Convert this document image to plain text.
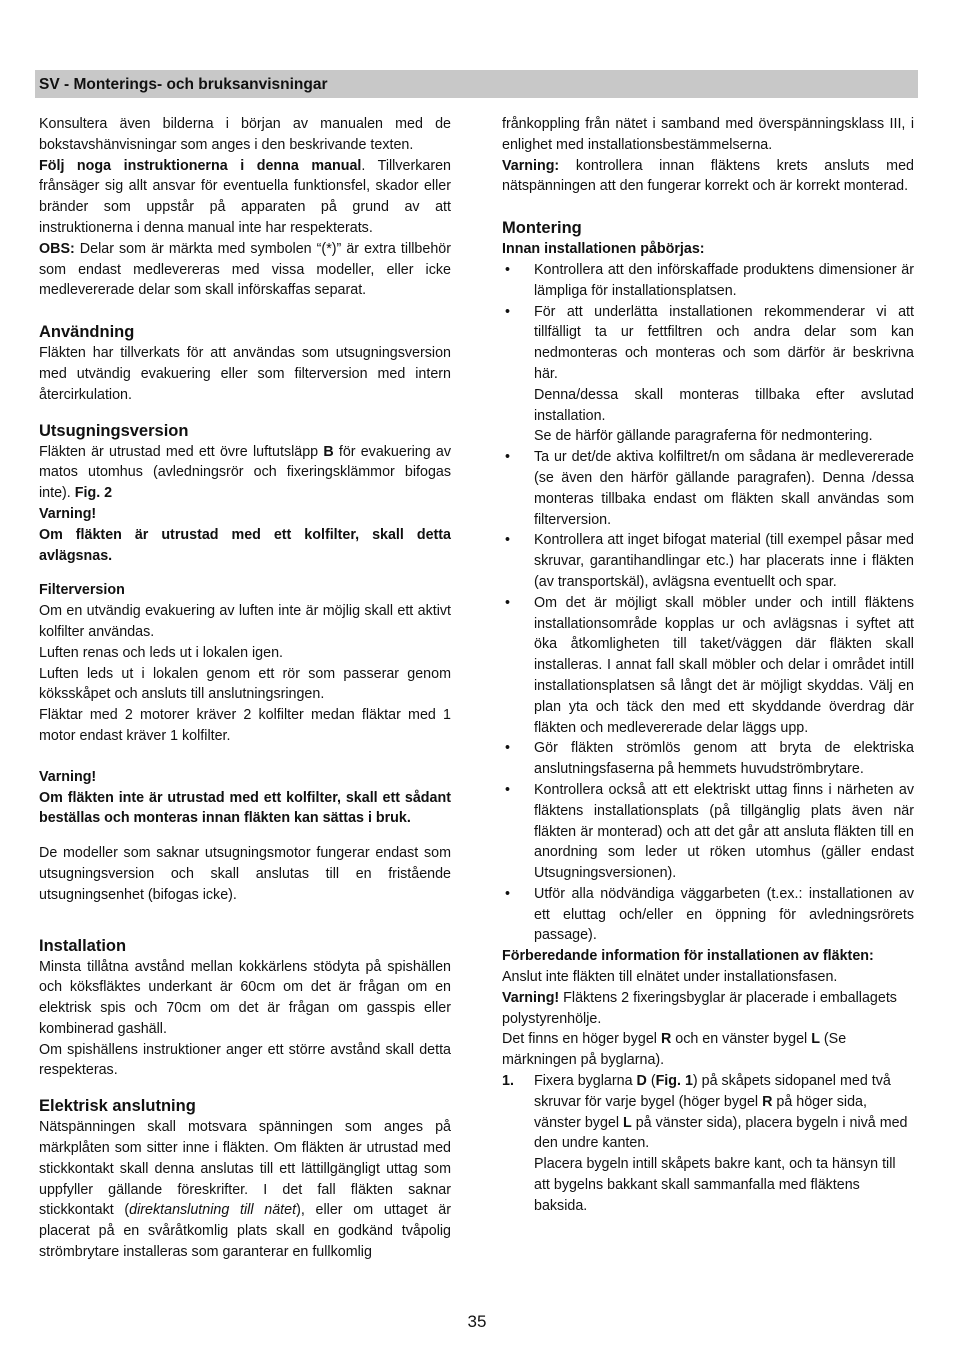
SV - Monterings- och bruksanvisningar

Konsultera även bilderna i början av manualen med de bokstavshänvisningar som anges i den beskrivande texten.

Följ noga instruktionerna i denna manual. Tillverkaren frånsäger sig allt ansvar för eventuella funktionsfel, skador eller bränder som uppstår på apparaten på grund av att instruktionerna i denna manual inte har respekterats.

OBS: Delar som är märkta med symbolen “(*)” är extra tillbehör som endast medlevereras med vissa modeller, eller icke medlevererade delar som skall införskaffas separat.

Användning

Fläkten har tillverkats för att användas som utsugningsversion med utvändig evakuering eller som filterversion med intern återcirkulation.

Utsugningsversion

Fläkten är utrustad med ett övre luftutsläpp B för evakuering av matos utomhus (avledningsrör och fixeringsklämmor bifogas inte). Fig. 2

Varning!

Om fläkten är utrustad med ett kolfilter, skall detta avlägsnas.

Filterversion

Om en utvändig evakuering av luften inte är möjlig skall ett aktivt kolfilter användas.

Luften renas och leds ut i lokalen igen.

Luften leds ut i lokalen genom ett rör som passerar genom köksskåpet och ansluts till anslutningsringen.

Fläktar med 2 motorer kräver 2 kolfilter medan fläktar med 1 motor endast kräver 1 kolfilter.

Varning!

Om fläkten inte är utrustad med ett kolfilter, skall ett sådant beställas och monteras innan fläkten kan sättas i bruk.

De modeller som saknar utsugningsmotor fungerar endast som utsugningsversion och skall anslutas till en fristående utsugningsenhet (bifogas icke).

Installation

Minsta tillåtna avstånd mellan kokkärlens stödyta på spishällen och köksfläktes underkant är 60cm om det är frågan om en elektrisk spis och 70cm om det är frågan om gasspis eller kombinerad gashäll.

Om spishällens instruktioner anger ett större avstånd skall detta respekteras.

Elektrisk anslutning

Nätspänningen skall motsvara spänningen som anges på märkplåten som sitter inne i fläkten. Om fläkten är utrustad med stickkontakt skall denna anslutas till ett lättillgängligt uttag som uppfyller gällande föreskrifter. I det fall fläkten saknar stickkontakt (direktanslutning till nätet), eller om uttaget är placerat på en svåråtkomlig plats skall en godkänd tvåpolig strömbrytare installeras som garanterar en fullkomlig

frånkoppling från nätet i samband med överspänningsklass III, i enlighet med installationsbestämmelserna.

Varning: kontrollera innan fläktens krets ansluts med nätspänningen att den fungerar korrekt och är korrekt monterad.

Montering

Innan installationen påbörjas:

• Kontrollera att den införskaffade produktens dimensioner är lämpliga för installationsplatsen.
• För att underlätta installationen rekommenderar vi att tillfälligt ta ur fettfiltren och andra delar som kan nedmonteras och monteras och som därför är beskrivna här.

Denna/dessa skall monteras tillbaka efter avslutad installation.

Se de härför gällande paragraferna för nedmontering.

• Ta ur det/de aktiva kolfiltret/n om sådana är medlevererade (se även den härför gällande paragrafen). Denna /dessa monteras tillbaka endast om fläkten skall användas som filterversion.
• Kontrollera att inget bifogat material (till exempel påsar med skruvar, garantihandlingar etc.) har placerats inne i fläkten (av transportskäl), avlägsna eventuellt och spar.
• Om det är möjligt skall möbler under och intill fläktens installationsområde kopplas ur och avlägsnas i syftet att öka åtkomligheten till taket/väggen där fläkten skall installeras. I annat fall skall möbler och delar i området intill installationsplatsen så långt det är möjligt skyddas. Välj en plan yta och täck den med ett skyddande överdrag där fläkten och medlevererade delar läggs upp.
• Gör fläkten strömlös genom att bryta de elektriska anslutningsfaserna på hemmets huvudströmbrytare.
• Kontrollera också att ett elektriskt uttag finns i närheten av fläktens installationsplats (på tillgänglig plats även när fläkten är monterad) och att det går att ansluta fläkten till en anordning som leder ut röken utomhus (gäller endast Utsugningsversionen).
• Utför alla nödvändiga väggarbeten (t.ex.: installationen av ett eluttag och/eller en öppning för avledningsrörets passage).

Förberedande information för installationen av fläkten:

Anslut inte fläkten till elnätet under installationsfasen.

Varning! Fläktens 2 fixeringsbyglar är placerade i emballagets polystyrenhölje.

Det finns en höger bygel R och en vänster bygel L (Se märkningen på byglarna).

1. Fixera byglarna D (Fig. 1) på skåpets sidopanel med två skruvar för varje bygel (höger bygel R på höger sida, vänster bygel L på vänster sida), placera bygeln i nivå med den undre kanten.

Placera bygeln intill skåpets bakre kant, och ta hänsyn till att bygelns bakkant skall sammanfalla med fläktens baksida.

35
